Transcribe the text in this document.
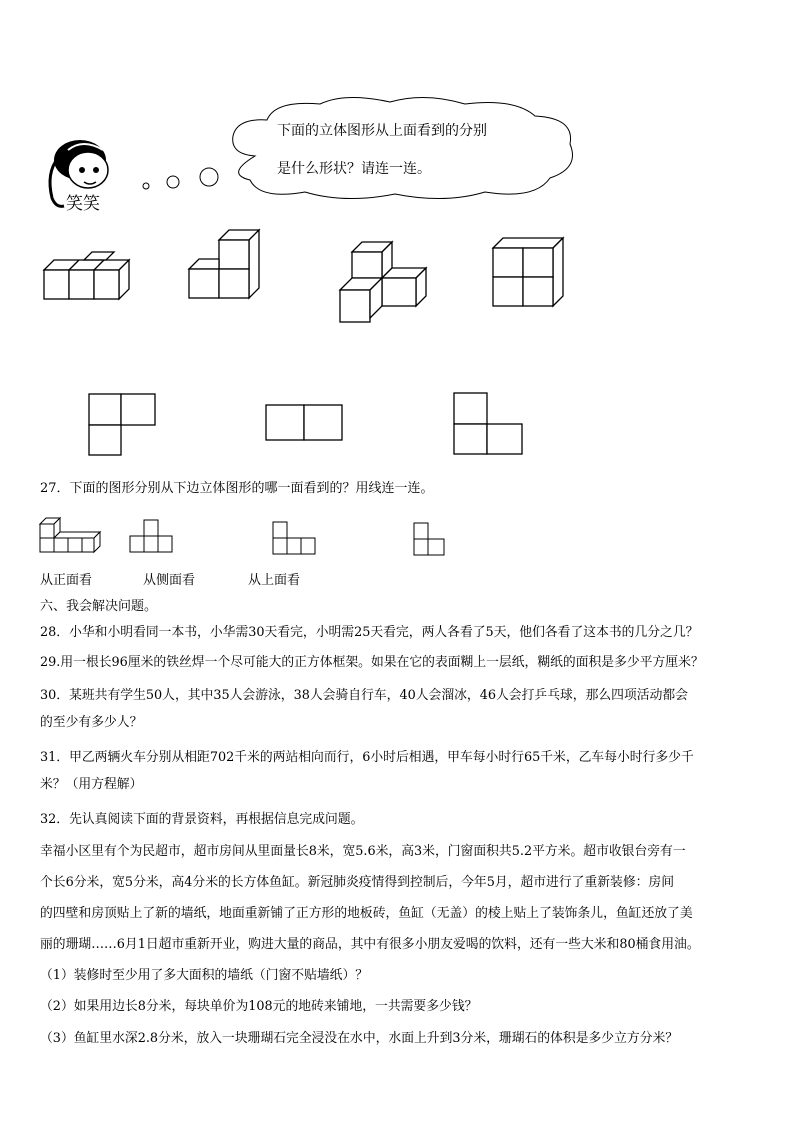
笑笑
下面的立体图形从上面看到的分别
是什么形状？请连一连。
27．下面的图形分别从下边立体图形的哪一面看到的？用线连一连。
从正面看	从侧面看	从上面看
六、我会解决问题。
28．小华和小明看同一本书，小华需30天看完，小明需25天看完，两人各看了5天，他们各看了这本书的几分之几？
29.用一根长96厘米的铁丝焊一个尽可能大的正方体框架。如果在它的表面糊上一层纸，糊纸的面积是多少平方厘米？
30．某班共有学生50人，其中35人会游泳，38人会骑自行车，40人会溜冰，46人会打乒乓球，那么四项活动都会
的至少有多少人？
31．甲乙两辆火车分别从相距702千米的两站相向而行，6小时后相遇，甲车每小时行65千米，乙车每小时行多少千
米？（用方程解）
32．先认真阅读下面的背景资料，再根据信息完成问题。
幸福小区里有个为民超市，超市房间从里面量长8米，宽5.6米，高3米，门窗面积共5.2平方米。超市收银台旁有一
个长6分米，宽5分米，高4分米的长方体鱼缸。新冠肺炎疫情得到控制后，今年5月，超市进行了重新装修：房间
的四壁和房顶贴上了新的墙纸，地面重新铺了正方形的地板砖，鱼缸（无盖）的棱上贴上了装饰条儿，鱼缸还放了美
丽的珊瑚……6月1日超市重新开业，购进大量的商品，其中有很多小朋友爱喝的饮料，还有一些大米和80桶食用油。
（1）装修时至少用了多大面积的墙纸（门窗不贴墙纸）？
（2）如果用边长8分米，每块单价为108元的地砖来铺地，一共需要多少钱？
（3）鱼缸里水深2.8分米，放入一块珊瑚石完全浸没在水中，水面上升到3分米，珊瑚石的体积是多少立方分米？
